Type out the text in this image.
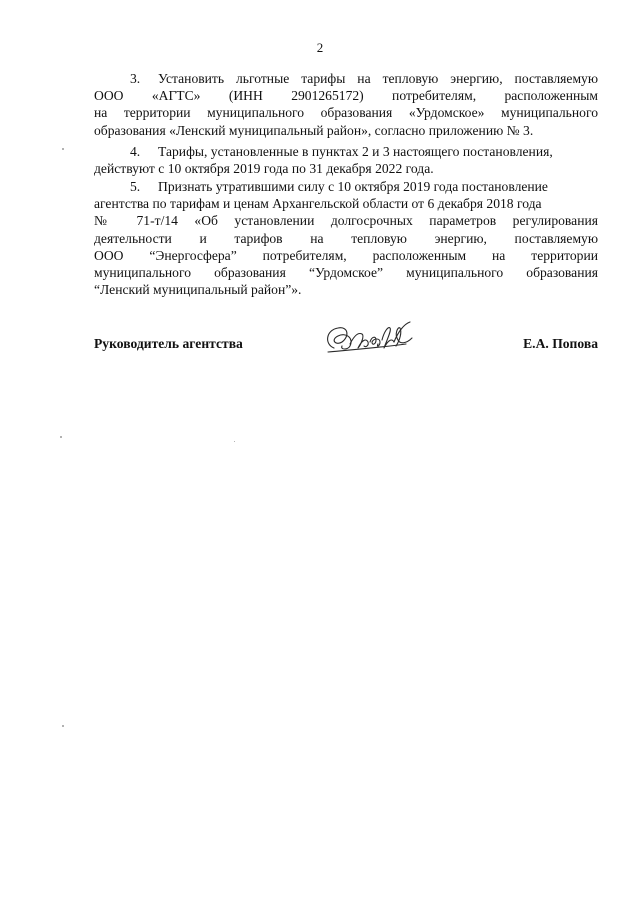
2
3. Установить льготные тарифы на тепловую энергию, поставляемую
ООО «АГТС» (ИНН 2901265172) потребителям, расположенным
на территории муниципального образования «Урдомское» муниципального
образования «Ленский муниципальный район», согласно приложению № 3.
4. Тарифы, установленные в пунктах 2 и 3 настоящего постановления,
действуют с 10 октября 2019 года по 31 декабря 2022 года.
5. Признать утратившими силу с 10 октября 2019 года постановление
агентства по тарифам и ценам Архангельской области от 6 декабря 2018 года
№ 71-т/14 «Об установлении долгосрочных параметров регулирования
деятельности и тарифов на тепловую энергию, поставляемую
ООО “Энергосфера” потребителям, расположенным на территории
муниципального образования “Урдомское” муниципального образования
“Ленский муниципальный район”».
Руководитель агентства	Е.А. Попова
